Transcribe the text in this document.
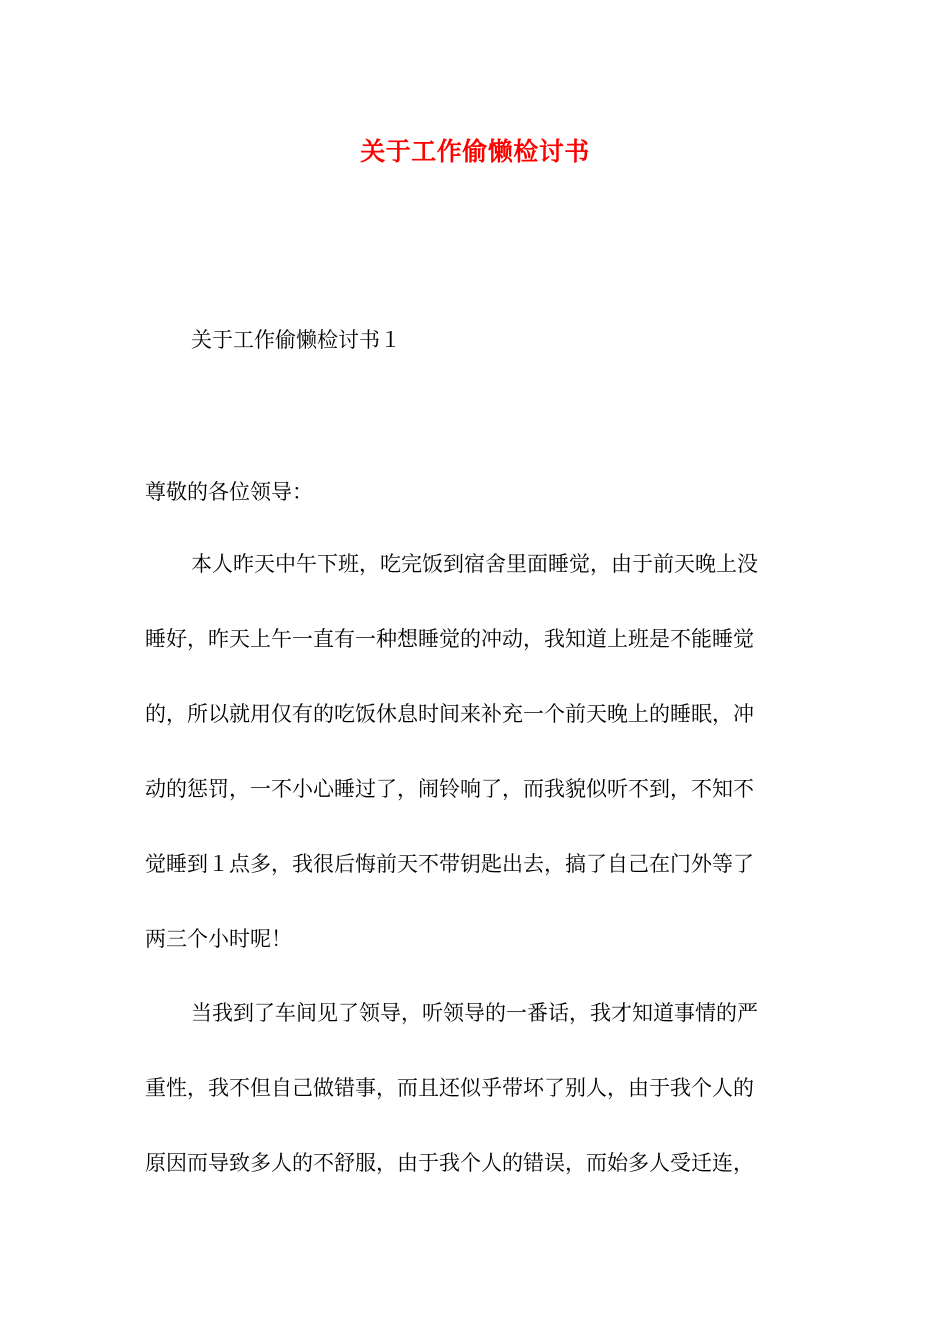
关于工作偷懒检讨书
关于工作偷懒检讨书１
尊敬的各位领导：
本人昨天中午下班，吃完饭到宿舍里面睡觉，由于前天晚上没
睡好，昨天上午一直有一种想睡觉的冲动，我知道上班是不能睡觉
的，所以就用仅有的吃饭休息时间来补充一个前天晚上的睡眠，冲
动的惩罚，一不小心睡过了，闹铃响了，而我貌似听不到，不知不
觉睡到１点多，我很后悔前天不带钥匙出去，搞了自己在门外等了
两三个小时呢！
当我到了车间见了领导，听领导的一番话，我才知道事情的严
重性，我不但自己做错事，而且还似乎带坏了别人，由于我个人的
原因而导致多人的不舒服，由于我个人的错误，而始多人受迁连，
